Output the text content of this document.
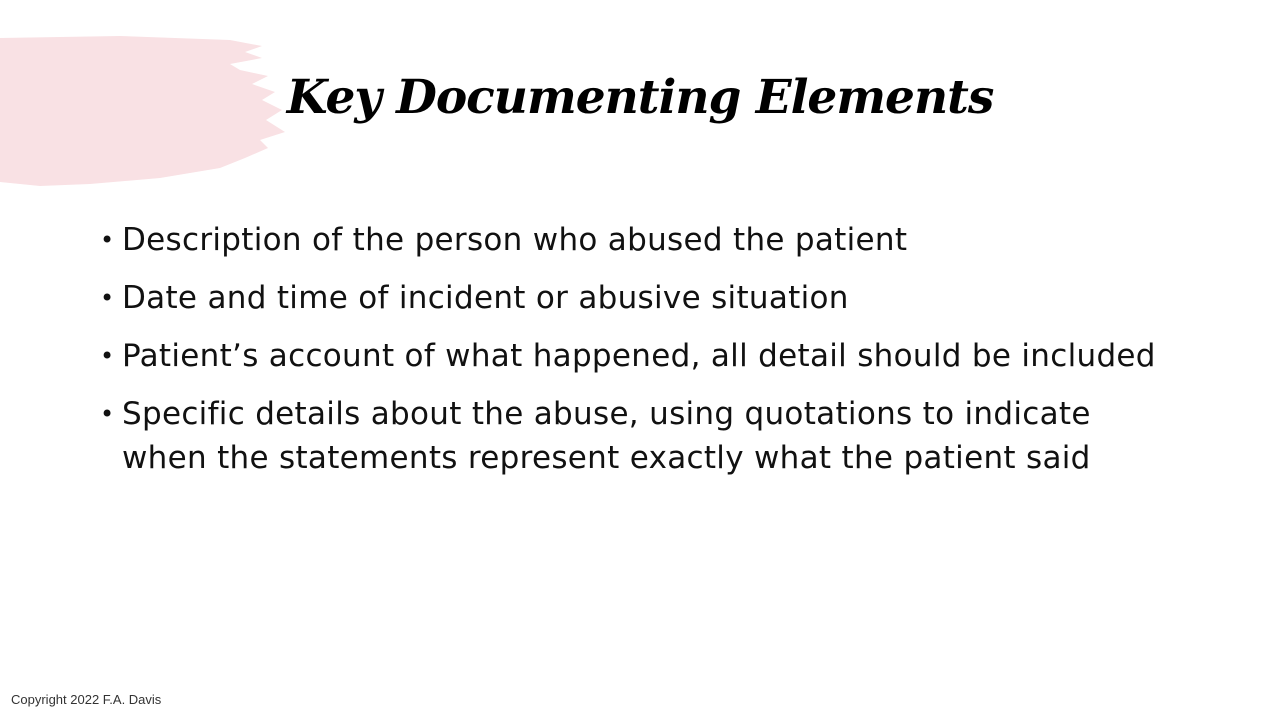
Key Documenting Elements
• Description of the person who abused the patient
• Date and time of incident or abusive situation
• Patient’s account of what happened, all detail should be included
• Specific details about the abuse, using quotations to indicate when the statements represent exactly what the patient said
Copyright 2022 F.A. Davis
